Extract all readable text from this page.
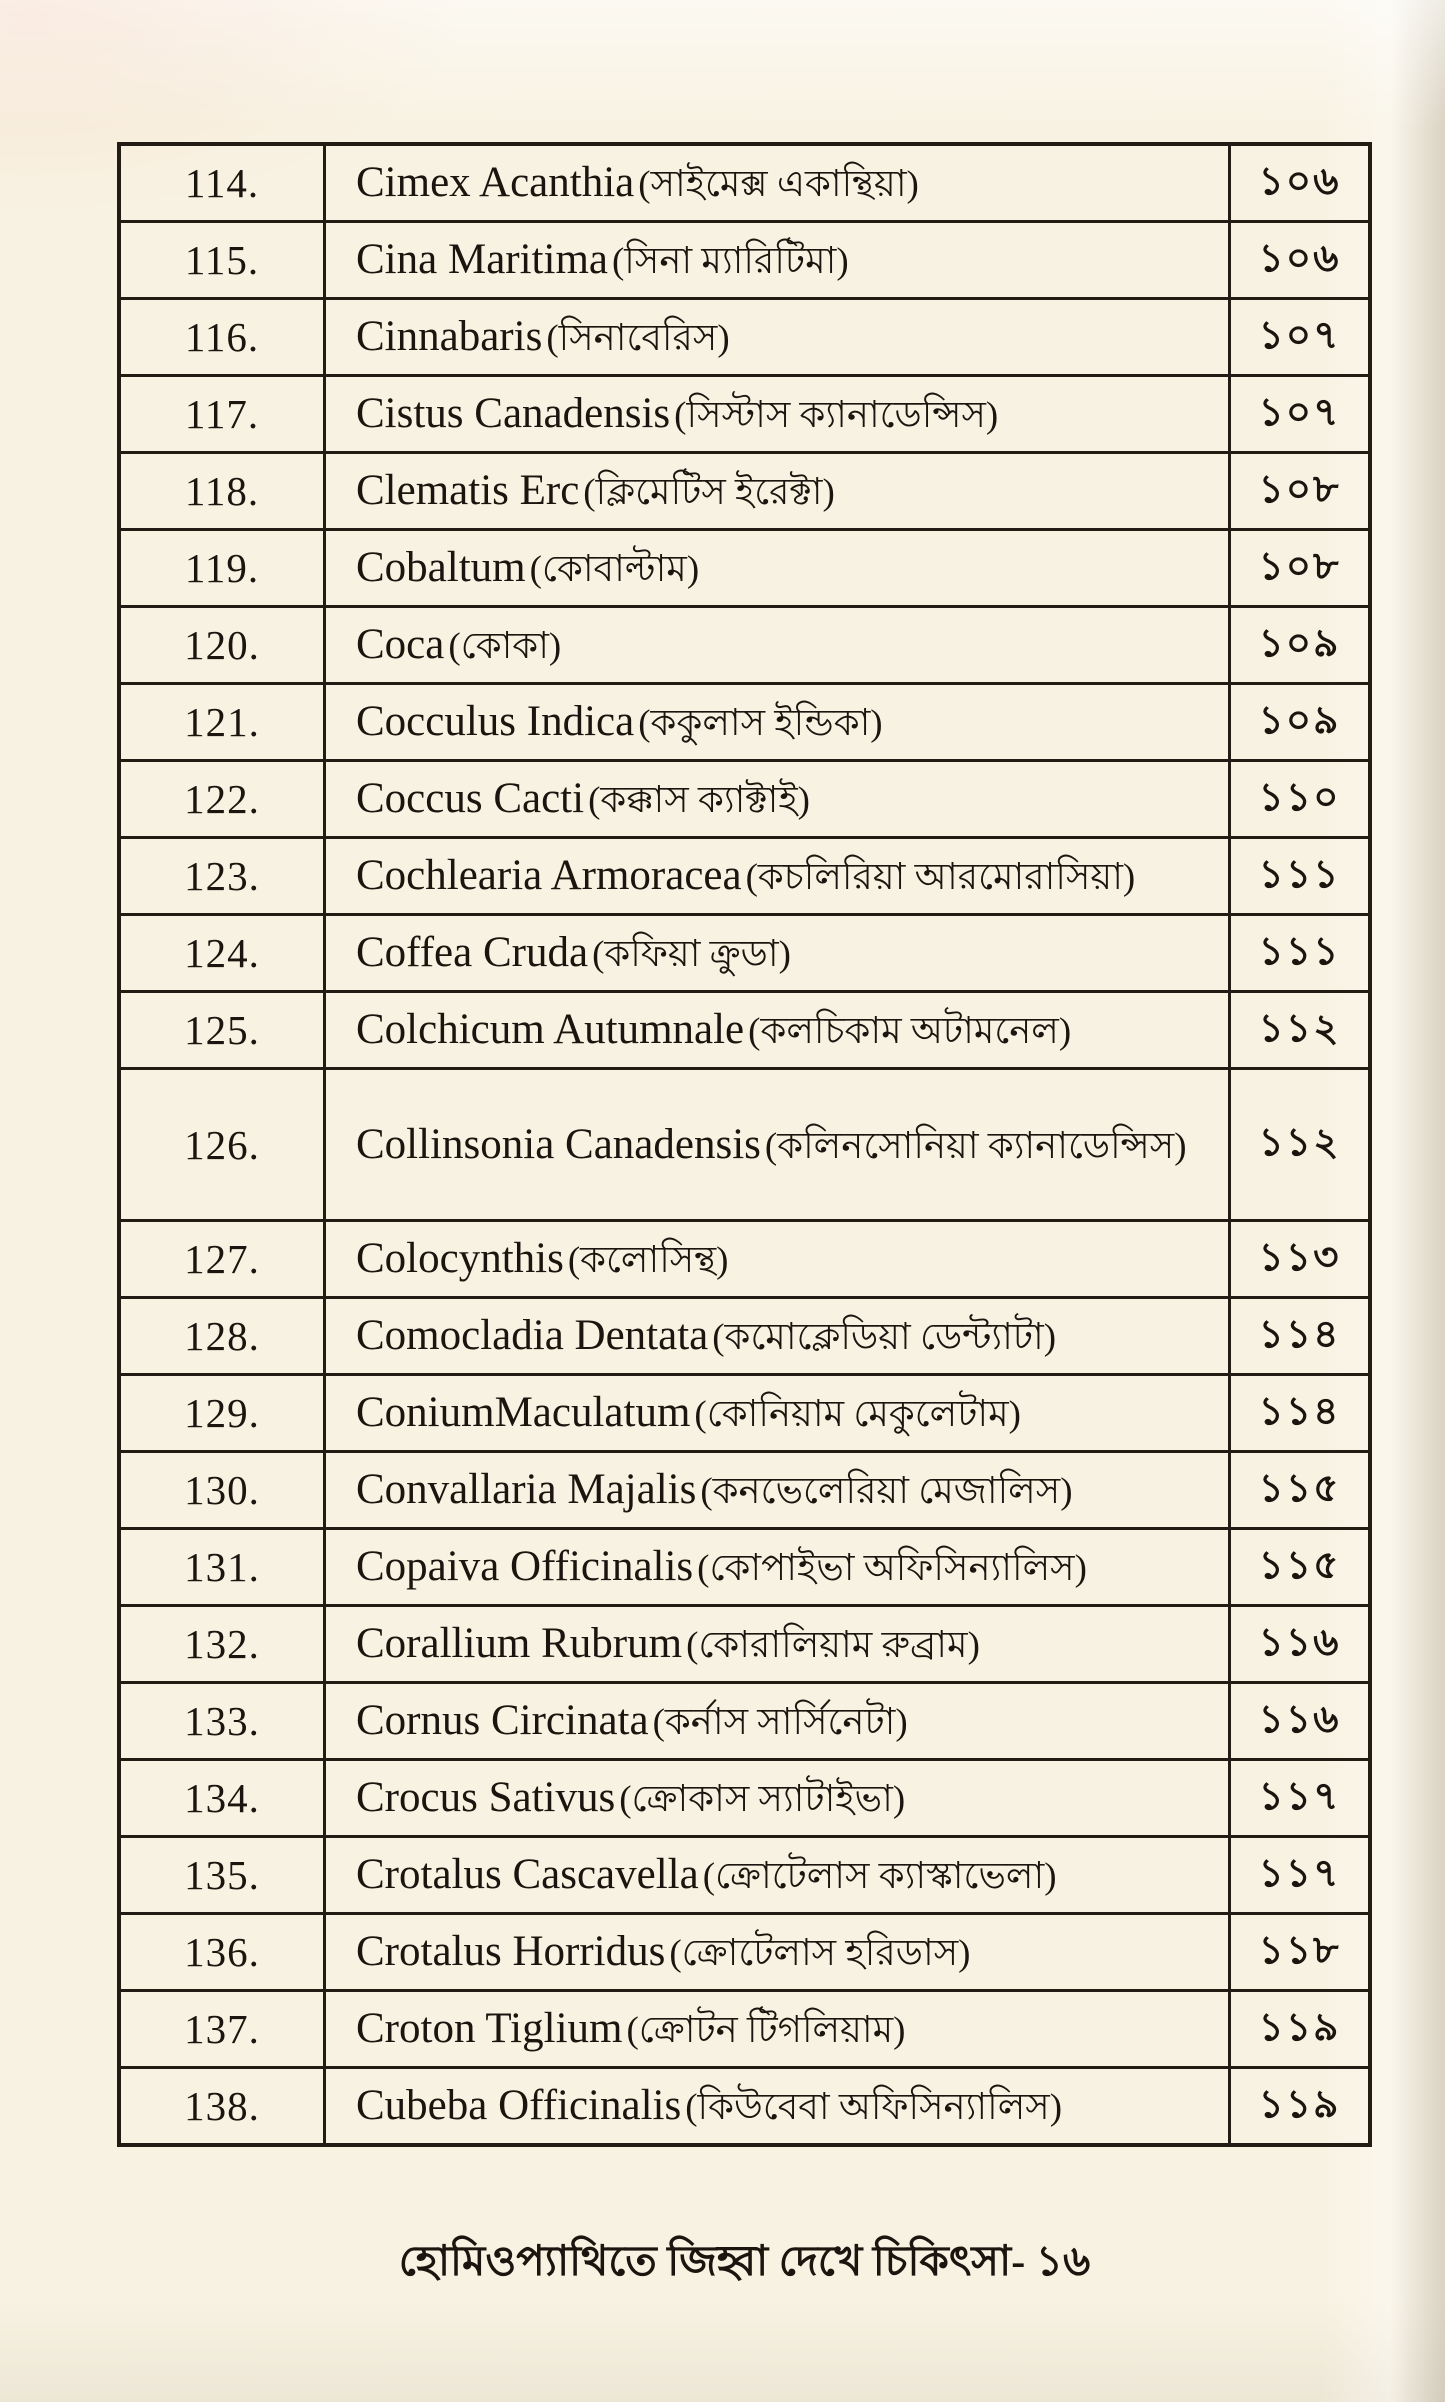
114.	Cimex Acanthia (সাইমেক্স একান্থিয়া)	১০৬
115.	Cina Maritima (সিনা ম্যারিটিমা)	১০৬
116.	Cinnabaris (সিনাবেরিস)	১০৭
117.	Cistus Canadensis (সিস্টাস ক্যানাডেন্সিস)	১০৭
118.	Clematis Erc (ক্লিমেটিস ইরেক্টা)	১০৮
119.	Cobaltum (কোবাল্টাম)	১০৮
120.	Coca (কোকা)	১০৯
121.	Cocculus Indica (ককুলাস ইন্ডিকা)	১০৯
122.	Coccus Cacti (কক্কাস ক্যাক্টাই)	১১০
123.	Cochlearia Armoracea (কচলিরিয়া আরমোরাসিয়া)	১১১
124.	Coffea Cruda (কফিয়া ক্রুডা)	১১১
125.	Colchicum Autumnale (কলচিকাম অটামনেল)	১১২
126.	Collinsonia Canadensis (কলিনসোনিয়া ক্যানাডেন্সিস)	১১২
127.	Colocynthis (কলোসিন্থ)	১১৩
128.	Comocladia Dentata (কমোক্লেডিয়া ডেন্ট্যাটা)	১১৪
129.	ConiumMaculatum (কোনিয়াম মেকুলেটাম)	১১৪
130.	Convallaria Majalis (কনভেলেরিয়া মেজালিস)	১১৫
131.	Copaiva Officinalis (কোপাইভা অফিসিন্যালিস)	১১৫
132.	Corallium Rubrum (কোরালিয়াম রুব্রাম)	১১৬
133.	Cornus Circinata (কর্নাস সার্সিনেটা)	১১৬
134.	Crocus Sativus (ক্রোকাস স্যাটাইভা)	১১৭
135.	Crotalus Cascavella (ক্রোটেলাস ক্যাস্কাভেলা)	১১৭
136.	Crotalus Horridus (ক্রোটেলাস হরিডাস)	১১৮
137.	Croton Tiglium (ক্রোটন টিগলিয়াম)	১১৯
138.	Cubeba Officinalis (কিউবেবা অফিসিন্যালিস)	১১৯
হোমিওপ্যাথিতে জিহ্বা দেখে চিকিৎসা- ১৬
